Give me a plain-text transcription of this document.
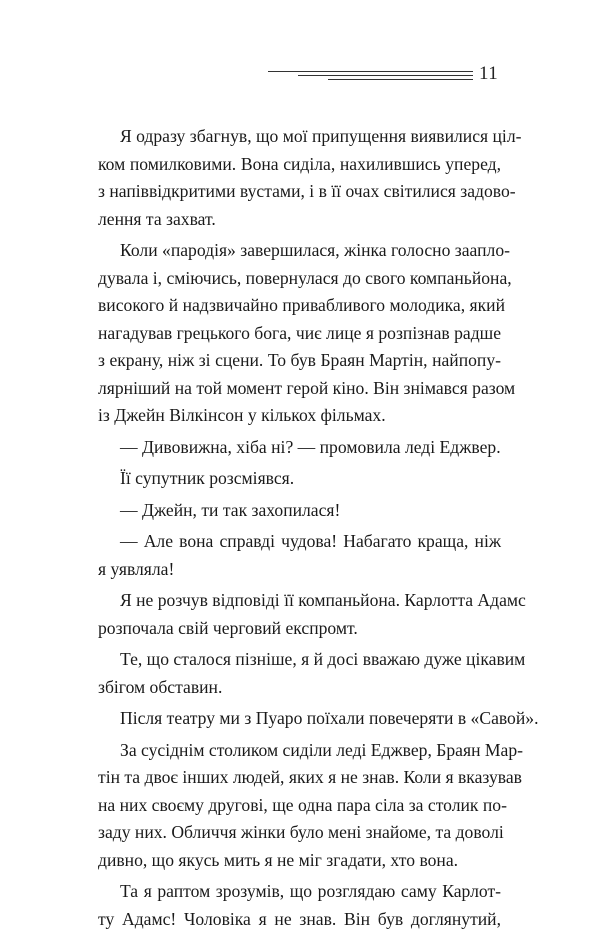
11
Я одразу збагнув, що мої припущення виявилися ціл-
ком помилковими. Вона сиділа, нахилившись уперед,
з напіввідкритими вустами, і в її очах світилися задово-
лення та захват.
Коли «пародія» завершилася, жінка голосно зааплo-
дувала і, сміючись, повернулася до свого компаньйона,
високого й надзвичайно привабливого молодика, який
нагадував грецького бога, чиє лице я розпізнав радше
з екрану, ніж зі сцени. То був Браян Мартін, найпопу-
лярніший на той момент герой кіно. Він знімався разом
із Джейн Вілкінсон у кількох фільмах.
— Дивовижна, хіба ні? — промовила леді Еджвер.
Її супутник розсміявся.
— Джейн, ти так захопилася!
— Але вона справді чудова! Набагато краща, ніж
я уявляла!
Я не розчув відповіді її компаньйона. Карлотта Адамс
розпочала свій черговий експромт.
Те, що сталося пізніше, я й досі вважаю дуже цікавим
збігом обставин.
Після театру ми з Пуаро поїхали повечеряти в «Савой».
За сусіднім столиком сиділи леді Еджвер, Браян Мар-
тін та двоє інших людей, яких я не знав. Коли я вказував
на них своєму другові, ще одна пара сіла за столик по-
заду них. Обличчя жінки було мені знайоме, та доволі
дивно, що якусь мить я не міг згадати, хто вона.
Та я раптом зрозумів, що розглядаю саму Карлот-
ту Адамс! Чоловіка я не знав. Він був доглянутий,
